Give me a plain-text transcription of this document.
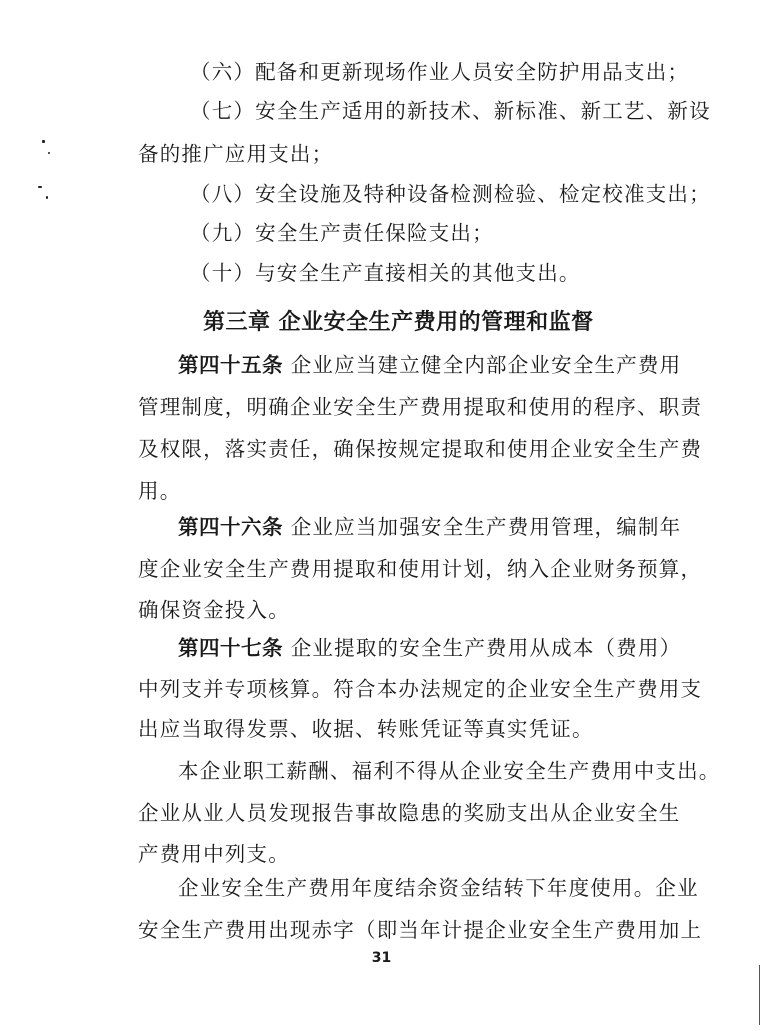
（六）配备和更新现场作业人员安全防护用品支出；
（七）安全生产适用的新技术、新标准、新工艺、新设
备的推广应用支出；
（八）安全设施及特种设备检测检验、检定校准支出；
（九）安全生产责任保险支出；
（十）与安全生产直接相关的其他支出。
第三章 企业安全生产费用的管理和监督
第四十五条 企业应当建立健全内部企业安全生产费用
管理制度，明确企业安全生产费用提取和使用的程序、职责
及权限，落实责任，确保按规定提取和使用企业安全生产费
用。
第四十六条 企业应当加强安全生产费用管理，编制年
度企业安全生产费用提取和使用计划，纳入企业财务预算，
确保资金投入。
第四十七条 企业提取的安全生产费用从成本（费用）
中列支并专项核算。符合本办法规定的企业安全生产费用支
出应当取得发票、收据、转账凭证等真实凭证。
本企业职工薪酬、福利不得从企业安全生产费用中支出。
企业从业人员发现报告事故隐患的奖励支出从企业安全生
产费用中列支。
企业安全生产费用年度结余资金结转下年度使用。企业
安全生产费用出现赤字（即当年计提企业安全生产费用加上
31
